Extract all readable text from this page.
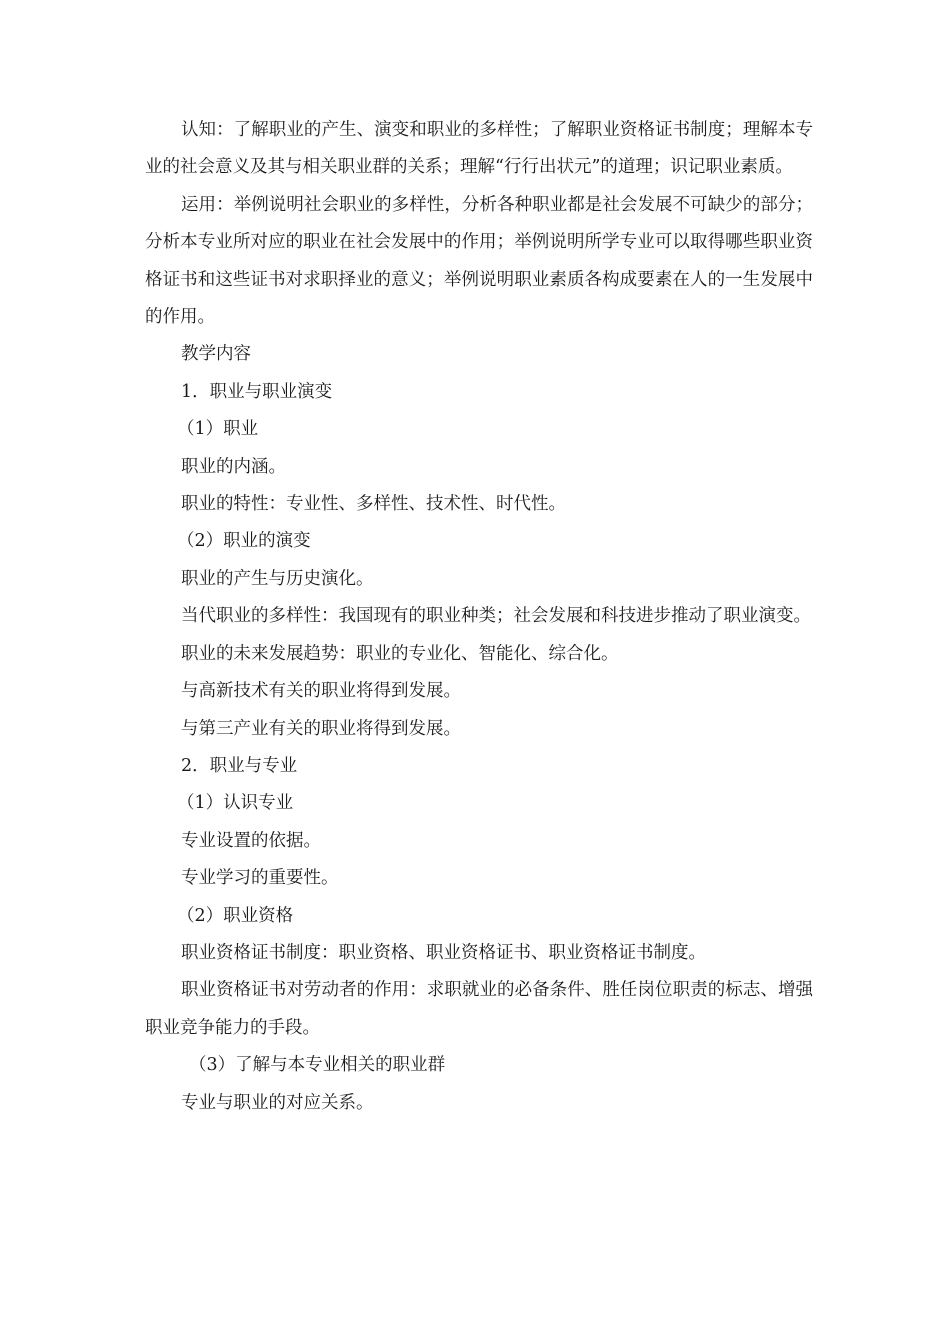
认知：了解职业的产生、演变和职业的多样性；了解职业资格证书制度；理解本专业的社会意义及其与相关职业群的关系；理解“行行出状元”的道理；识记职业素质。

运用：举例说明社会职业的多样性，分析各种职业都是社会发展不可缺少的部分；分析本专业所对应的职业在社会发展中的作用；举例说明所学专业可以取得哪些职业资格证书和这些证书对求职择业的意义；举例说明职业素质各构成要素在人的一生发展中的作用。

教学内容

1．职业与职业演变

（1）职业

职业的内涵。

职业的特性：专业性、多样性、技术性、时代性。

（2）职业的演变

职业的产生与历史演化。

当代职业的多样性：我国现有的职业种类；社会发展和科技进步推动了职业演变。

职业的未来发展趋势：职业的专业化、智能化、综合化。

与高新技术有关的职业将得到发展。

与第三产业有关的职业将得到发展。

2．职业与专业

（1）认识专业

专业设置的依据。

专业学习的重要性。

（2）职业资格

职业资格证书制度：职业资格、职业资格证书、职业资格证书制度。

职业资格证书对劳动者的作用：求职就业的必备条件、胜任岗位职责的标志、增强职业竞争能力的手段。

（3）了解与本专业相关的职业群

专业与职业的对应关系。
